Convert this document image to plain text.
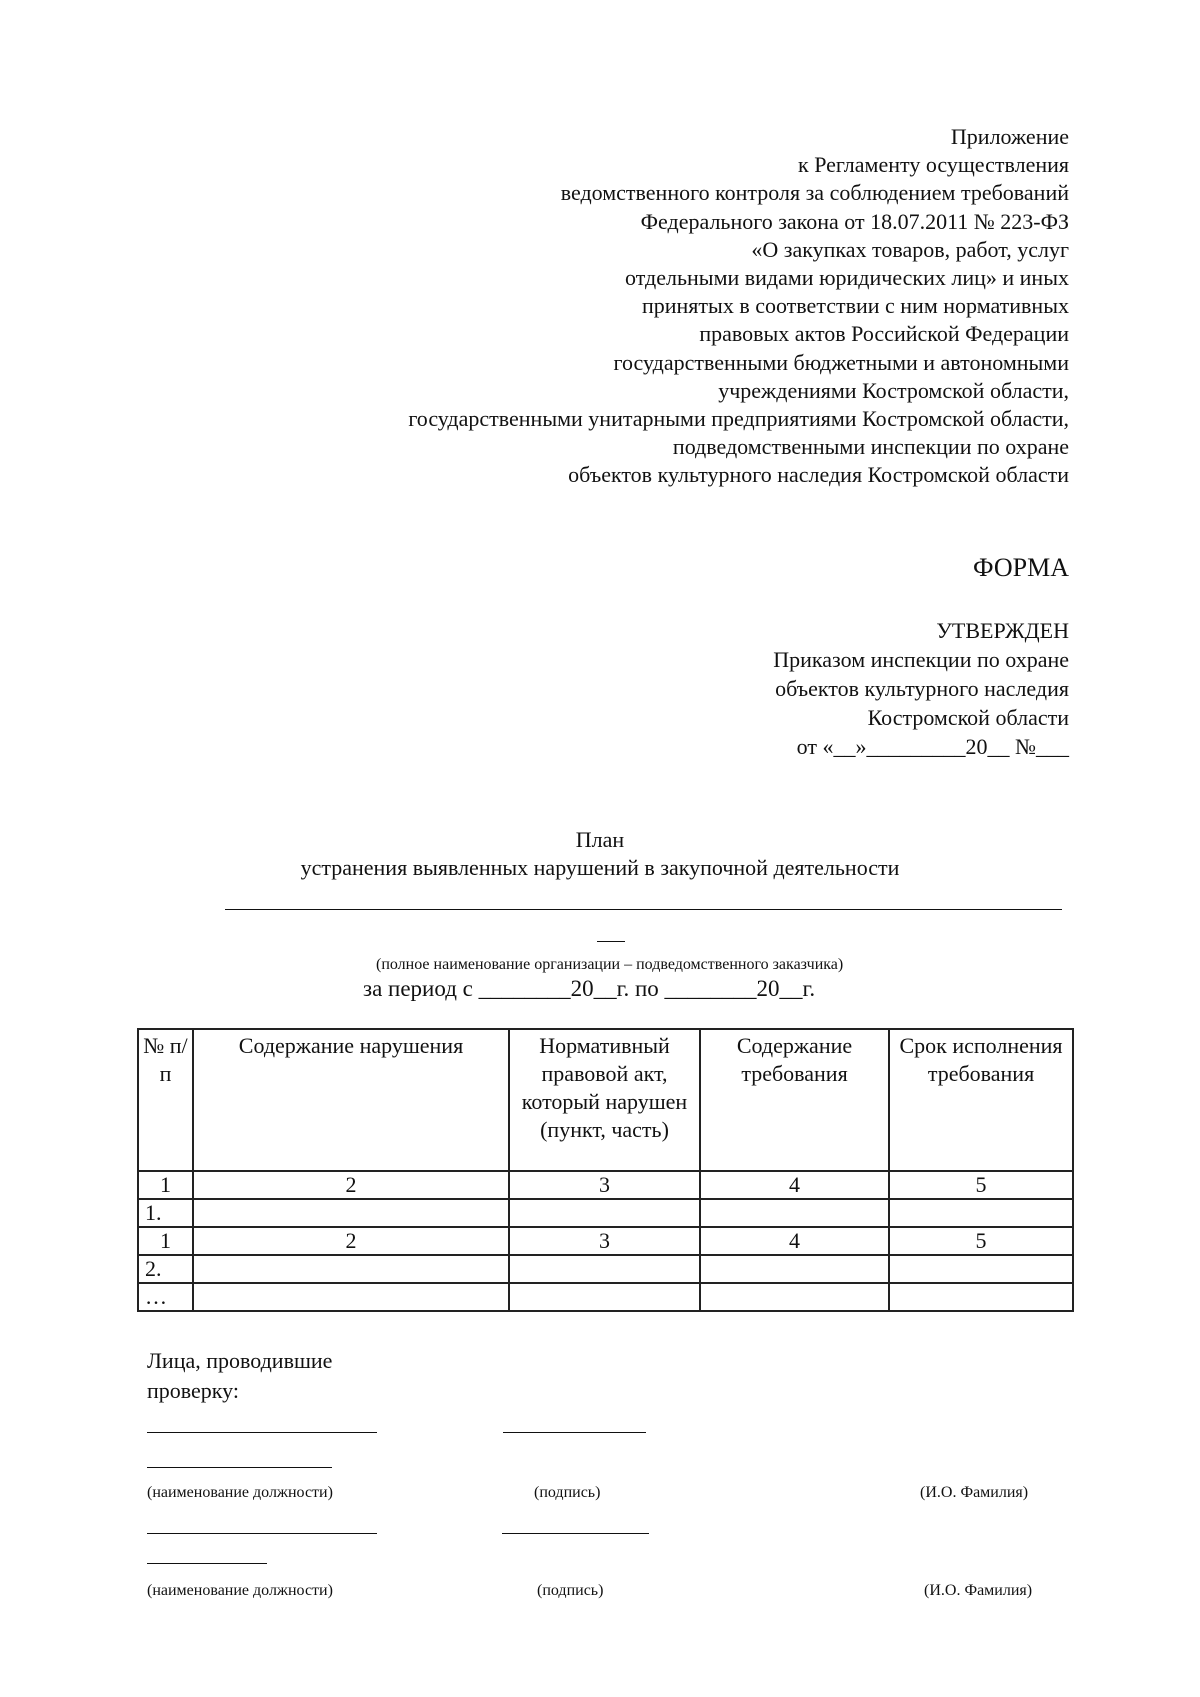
Приложение
к Регламенту осуществления
ведомственного контроля за соблюдением требований
Федерального закона от 18.07.2011 № 223-ФЗ
«О закупках товаров, работ, услуг
отдельными видами юридических лиц» и иных
принятых в соответствии с ним нормативных
правовых актов Российской Федерации
государственными бюджетными и автономными
учреждениями Костромской области,
государственными унитарными предприятиями Костромской области,
подведомственными инспекции по охране
объектов культурного наследия Костромской области
ФОРМА
УТВЕРЖДЕН
Приказом инспекции по охране
объектов культурного наследия
Костромской области
от «__»_________20__ №___
План
устранения выявленных нарушений в закупочной деятельности
(полное наименование организации – подведомственного заказчика)
за период с ________20__г. по ________20__г.
№ п/п	Содержание нарушения	Нормативный правовой акт, который нарушен (пункт, часть)	Содержание требования	Срок исполнения требования
1	2	3	4	5
1.				
1	2	3	4	5
2.				
…				
Лица, проводившие
проверку:
(наименование должности)	(подпись)	(И.О. Фамилия)
(наименование должности)	(подпись)	(И.О. Фамилия)
